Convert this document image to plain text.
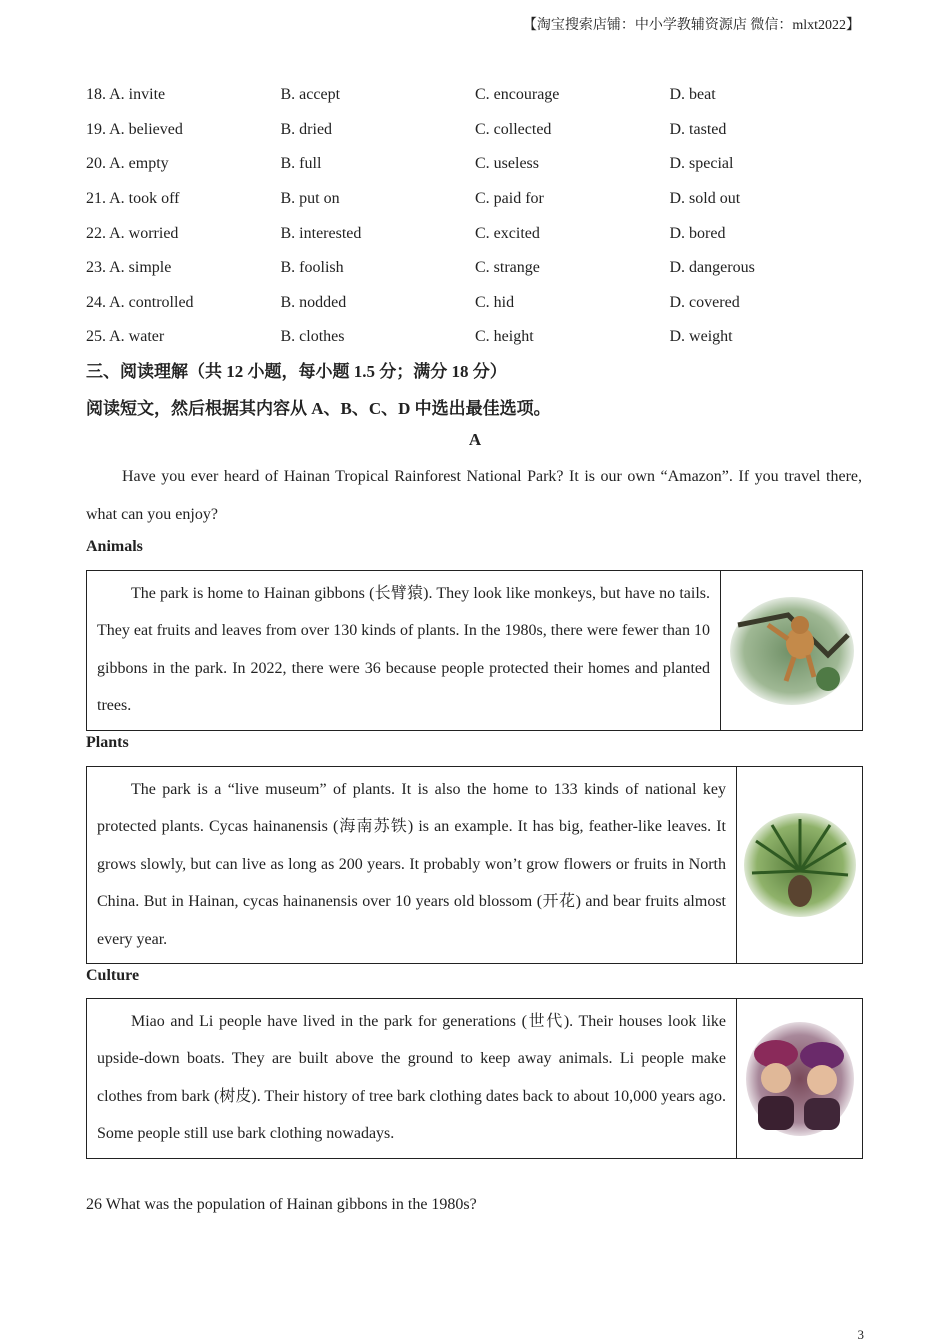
【淘宝搜索店铺：中小学教辅资源店 微信：mlxt2022】
18. A. invite	B. accept	C. encourage	D. beat
19. A. believed	B. dried	C. collected	D. tasted
20. A. empty	B. full	C. useless	D. special
21. A. took off	B. put on	C. paid for	D. sold out
22. A. worried	B. interested	C. excited	D. bored
23. A. simple	B. foolish	C. strange	D. dangerous
24. A. controlled	B. nodded	C. hid	D. covered
25. A. water	B. clothes	C. height	D. weight
三、阅读理解（共 12 小题，每小题 1.5 分；满分 18 分）
阅读短文，然后根据其内容从 A、B、C、D 中选出最佳选项。
A
Have you ever heard of Hainan Tropical Rainforest National Park? It is our own “Amazon”. If you travel there, what can you enjoy?
Animals
The park is home to Hainan gibbons (长臂猿). They look like monkeys, but have no tails. They eat fruits and leaves from over 130 kinds of plants. In the 1980s, there were fewer than 10 gibbons in the park. In 2022, there were 36 because people protected their homes and planted trees.
Plants
The park is a “live museum” of plants. It is also the home to 133 kinds of national key protected plants. Cycas hainanensis (海南苏铁) is an example. It has big, feather-like leaves. It grows slowly, but can live as long as 200 years. It probably won’t grow flowers or fruits in North China. But in Hainan, cycas hainanensis over 10 years old blossom (开花) and bear fruits almost every year.
Culture
Miao and Li people have lived in the park for generations (世代). Their houses look like upside-down boats. They are built above the ground to keep away animals. Li people make clothes from bark (树皮). Their history of tree bark clothing dates back to about 10,000 years ago. Some people still use bark clothing nowadays.
26 What was the population of Hainan gibbons in the 1980s?
3
